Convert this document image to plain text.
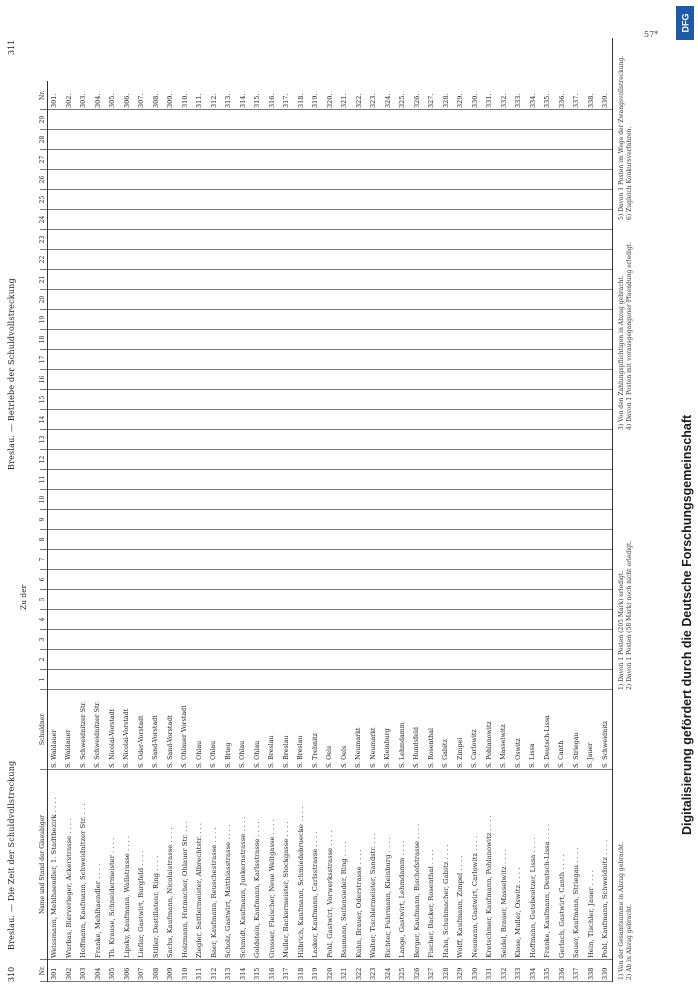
310
Breslau. — Die Zeit der Schuldvollstreckung
Breslau. — Betriebe der Schuldvollstreckung
311
Zu der
Nr.	Name und Stand der Glaeubiger	Schuldner	1	2	3	4	5	6	7	8	9	10	11	12	13	14	15	16	17	18	19	20	21	22	23	24	25	26	27	28	29	Nr.
301	Weissmann, Mehlhaendler, 1. Stadtbezirk . . . .	S. Waldauer																														301.
302	Wurbas, Bierverleger, Ackerstrasse . . . .	S. Waldauer																														302.
303	Hoffmann, Kaufmann, Schweidnitzer Str. . . .	S. Schweidnitzer Str.																														303.
304	Franke, Mehlhaendler . . . .	S. Schweidnitzer Str.																														304.
305	Th. Krause, Schneidermeister . . . .	S. Nicolai-Vorstadt																														305.
306	Lipsky, Kaufmann, Wallstrasse . . . .	S. Nicolai-Vorstadt																														306.
307	Lieflar, Gastwirt, Burgfeld . . . .	S. Oder-Vorstadt																														307.
308	Stiller, Destillateur, Ring . . . .	S. Sand-Vorstadt																														308.
309	Sachs, Kaufmann, Nicolaistrasse . . . .	S. Sand-Vorstadt																														309.
310	Holzmann, Hutmacher, Ohlauer Str. . . .	S. Ohlauer Vorstadt																														310.
311	Ziegler, Sattlermeister, Albrechtstr. . . .	S. Ohlau																														311.
312	Baer, Kaufmann, Reuschestrasse . . . .	S. Ohlau																														312.
313	Scholz, Gastwirt, Matthiasstrasse . . . .	S. Brieg																														313.
314	Schmidt, Kaufmann, Junkernstrasse . . . .	S. Ohlau																														314.
315	Goldstein, Kaufmann, Karlsstrasse . . . .	S. Ohlau																														315.
316	Grosser, Fleischer, Neue Weltgasse . . . .	S. Breslau																														316.
317	Muller, Backermeister, Stockgasse . . . .	S. Breslau																														317.
318	Hilbrich, Kaufmann, Schmiedebruecke . . . .	S. Breslau																														318.
319	Lasker, Kaufmann, Carlsstrasse . . . .	S. Trebnitz																														319.
320	Pohl, Gastwirt, Vorwerksstrasse . . . .	S. Oels																														320.
321	Baumann, Seifensieder, Ring . . . .	S. Oels																														321.
322	Kuhn, Brauer, Oderstrasse . . . .	S. Neumarkt																														322.
323	Walter, Tischlermeister, Sandstr. . . .	S. Neumarkt																														323.
324	Richter, Fuhrmann, Kleinburg . . . .	S. Kleinburg																														324.
325	Lange, Gastwirt, Lehmdamm . . . .	S. Lehmdamm																														325.
326	Berger, Kaufmann, Bischofstrasse . . . .	S. Hundsfeld																														326.
327	Fischer, Backer, Rosenthal . . . .	S. Rosenthal																														327.
328	Hahn, Schuhmacher, Gabitz . . . .	S. Gabitz																														328.
329	Wolff, Kaufmann, Zimpel . . . .	S. Zimpel																														329.
330	Neumann, Gastwirt, Carlowitz . . . .	S. Carlowitz																														330.
331	Kretschmer, Kaufmann, Pohlanowitz . . . .	S. Pohlanowitz																														331.
332	Seidel, Brauer, Masselwitz . . . .	S. Masselwitz																														332.
333	Klose, Muller, Oswitz . . . .	S. Oswitz																														333.
334	Hoffmann, Gutsbesitzer, Lissa . . . .	S. Lissa																														334.
335	Franke, Kaufmann, Deutsch-Lissa . . . .	S. Deutsch-Lissa																														335.
336	Gerlach, Gastwirt, Canth . . . .	S. Canth																														336.
337	Sauer, Kaufmann, Striegau . . . .	S. Striegau																														337.
338	Hein, Tischler, Jauer . . . .	S. Jauer																														338.
339	Pohl, Kaufmann, Schweidnitz . . . .	S. Schweidnitz																														339.
1) Von der Gesamtsumme in Abzug gebracht. 2) Ab in Abzug gebracht.
1) Davon 1 Posten (205 Mark) erledigt. 2) Davon 1 Posten (58 Mark) noch nicht erledigt.
3) Von den Zahlungspflichtigen in Abzug gebracht. 4) Davon 1 Posten mit vorausgegangener Pfaendung erledigt.
5) Davon 1 Posten im Wege der Zwangsvollstreckung. 6) Zugleich Konkursverfahren.
57*
Digitalisierung gefördert durch die Deutsche Forschungsgemeinschaft
DFG
